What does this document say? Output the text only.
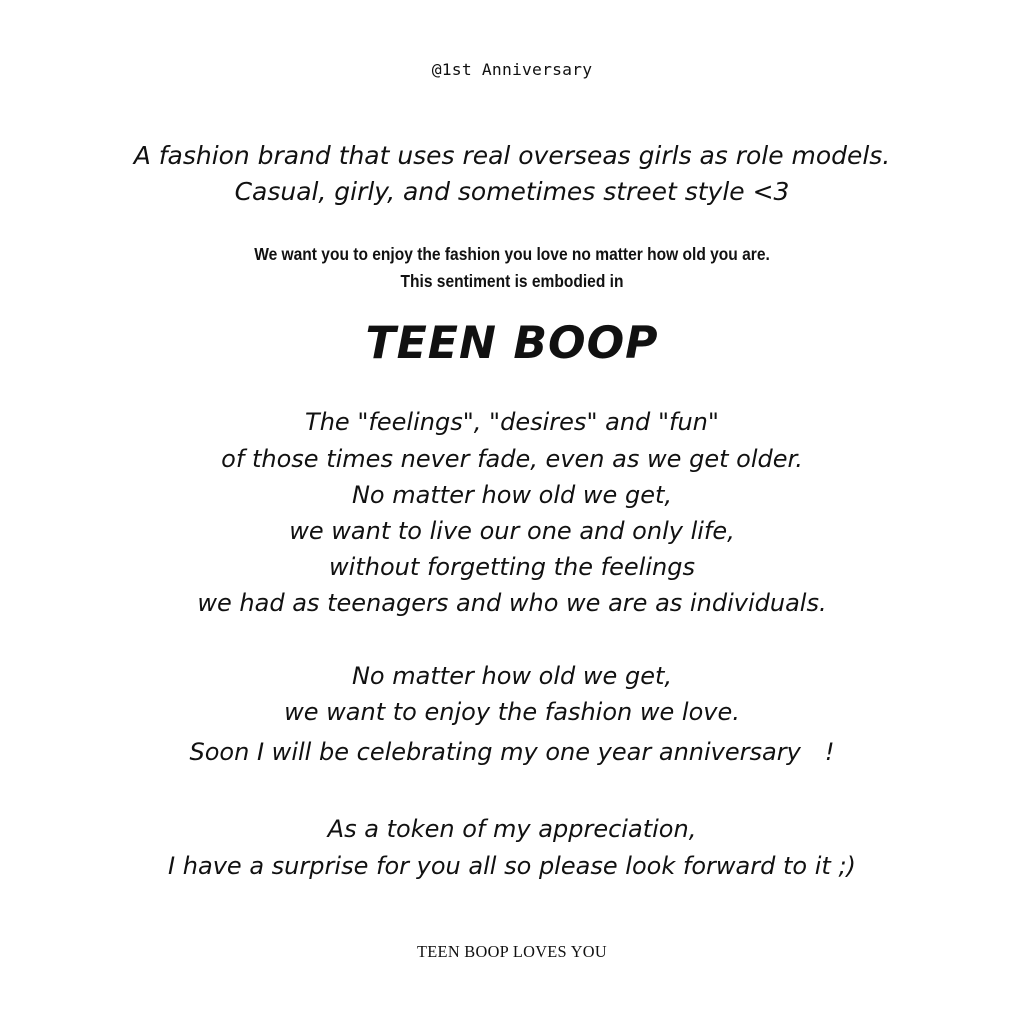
@1st Anniversary
A fashion brand that uses real overseas girls as role models.
Casual, girly, and sometimes street style <3
We want you to enjoy the fashion you love no matter how old you are.
This sentiment is embodied in
TEEN BOOP
The "feelings", "desires" and "fun"
of those times never fade, even as we get older.
No matter how old we get,
we want to live our one and only life,
without forgetting the feelings
we had as teenagers and who we are as individuals.
No matter how old we get,
we want to enjoy the fashion we love.
Soon I will be celebrating my one year anniversary　!
As a token of my appreciation,
I have a surprise for you all so please look forward to it ;)
TEEN BOOP LOVES YOU
